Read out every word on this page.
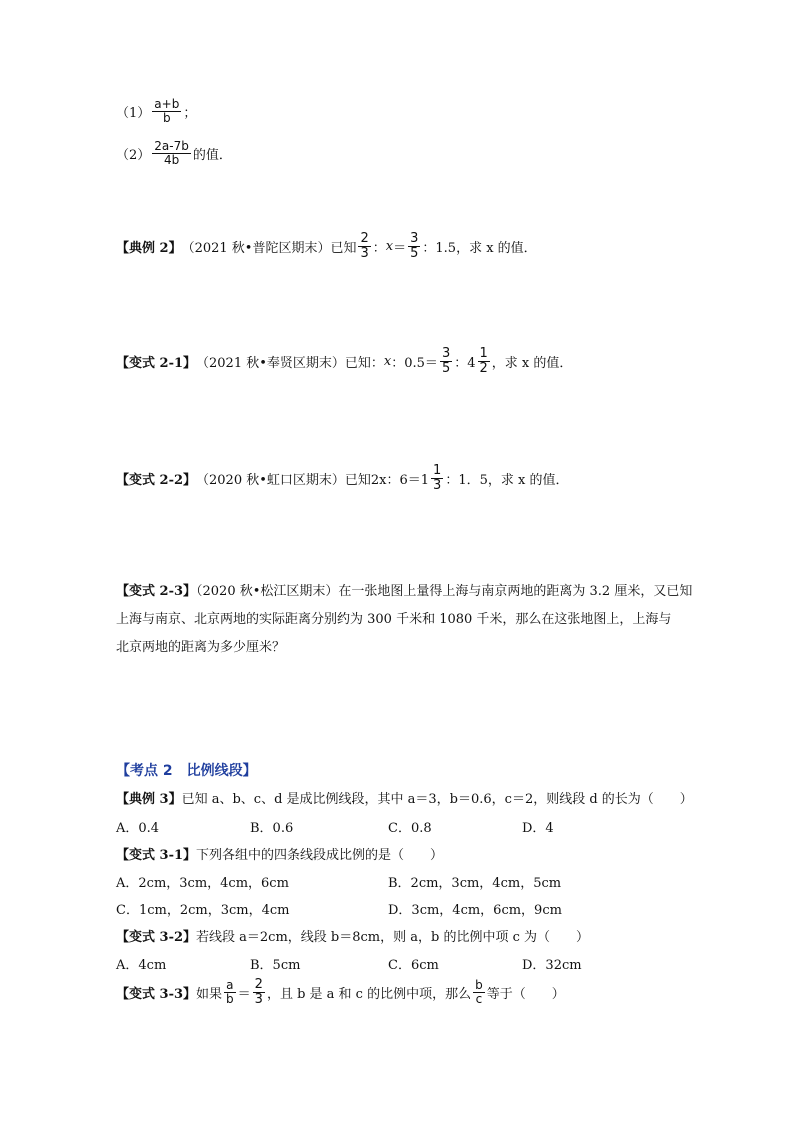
$(1) \frac{a+b}{b}$ ；
$(2) \frac{2a-7b}{4b}$ 的值．
【典例 2】 （2021 秋•普陀区期末）已知 $\frac{2}{3}$ ： $x = \frac{3}{5}$ ：1.5，求 x 的值．
【变式 2-1】 （2021 秋•奉贤区期末）已知： x ：$0.5= \frac{3}{5}$ ：$4 \frac{1}{2}$ ，求 x 的值．
【变式 2-2】 （2020 秋•虹口区期末）已知2x：$6=1 \frac{1}{3}$ ：1．5，求 x 的值．
【变式 2-3】（2020 秋•松江区期末）在一张地图上量得上海与南京两地的距离为 3.2 厘米，又已知
上海与南京、北京两地的实际距离分别约为 300 千米和 1080 千米，那么在这张地图上，上海与
北京两地的距离为多少厘米？
【考点 2　比例线段】
【典例 3】 已知 a、b、c、d 是成比例线段，其中 a＝3，b＝0.6，c＝2，则线段 d 的长为（　　）
A．0.4	B．0.6	C．0.8	D．4
【变式 3-1】 下列各组中的四条线段成比例的是（　　）
A．2cm，3cm，4cm，6cm	B．2cm，3cm，4cm，5cm
C．1cm，2cm，3cm，4cm	D．3cm，4cm，6cm，9cm
【变式 3-2】 若线段 a＝2cm，线段 b＝8cm，则 a，b 的比例中项 c 为（　　）
A．4cm	B．5cm	C．6cm	D．32cm
【变式 3-3】 如果 $\frac{a}{b} = \frac{2}{3}$ ，且 b 是 a 和 c 的比例中项，那么 $\frac{b}{c}$ 等于（　　）
